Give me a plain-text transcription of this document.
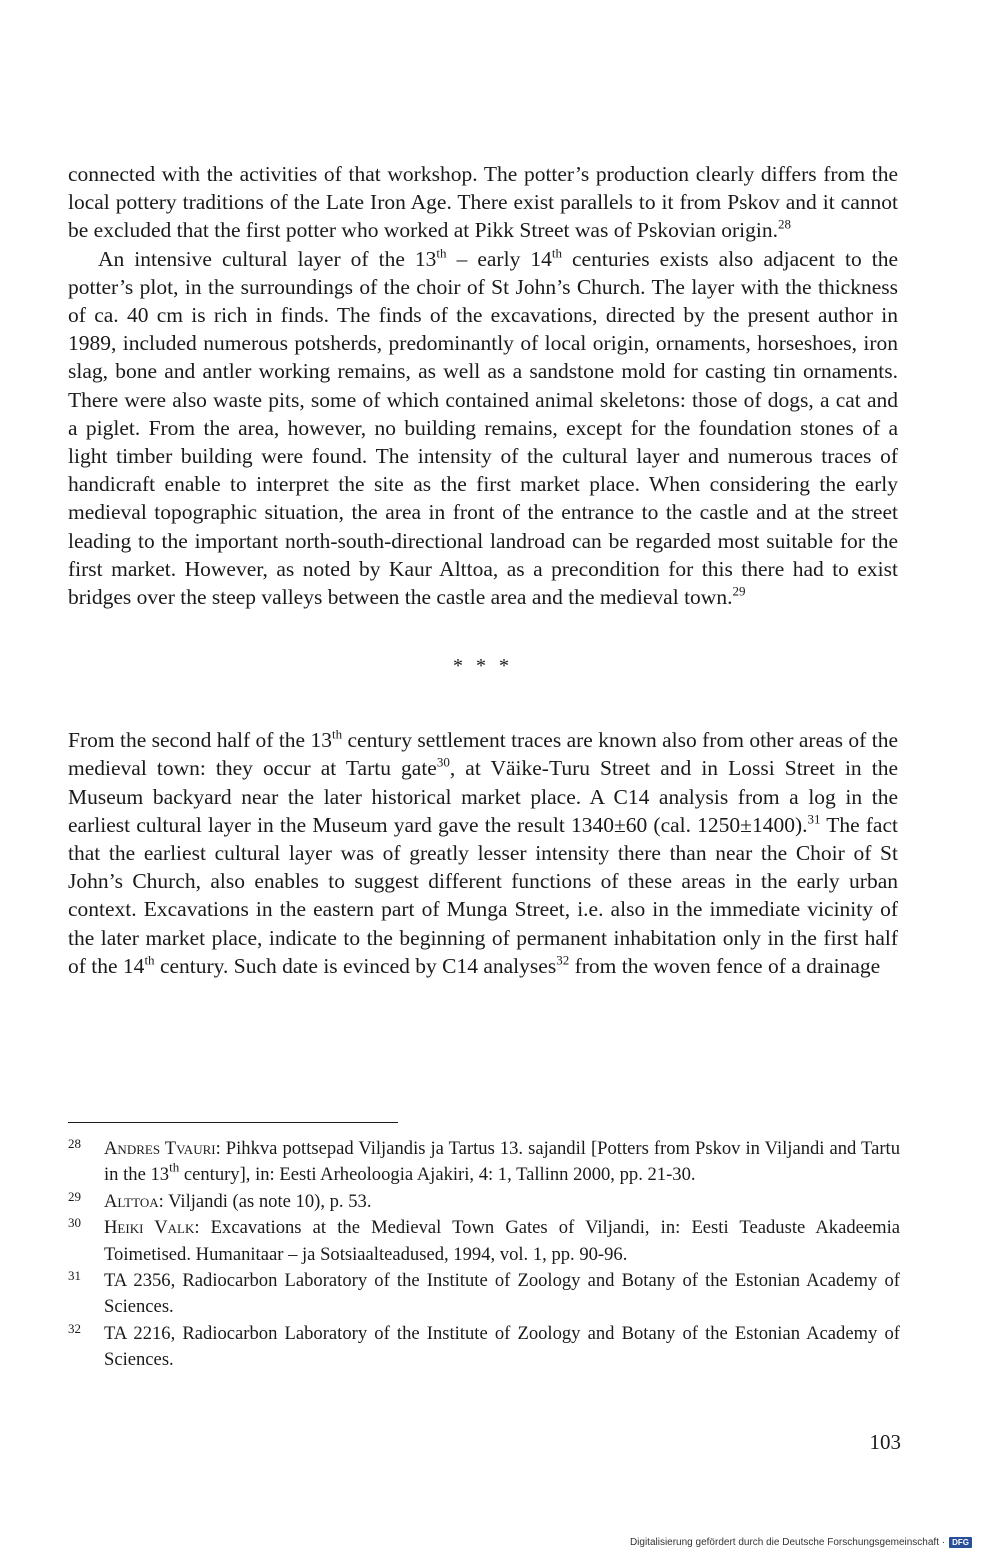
connected with the activities of that workshop. The potter’s production clearly differs from the local pottery traditions of the Late Iron Age. There exist parallels to it from Pskov and it cannot be excluded that the first potter who worked at Pikk Street was of Pskovian origin.$^{28}$

An intensive cultural layer of the 13th – early 14th centuries exists also adjacent to the potter’s plot, in the surroundings of the choir of St John’s Church. The layer with the thickness of ca. 40 cm is rich in finds. The finds of the excavations, directed by the present author in 1989, included numerous potsherds, predominantly of local origin, ornaments, horseshoes, iron slag, bone and antler working remains, as well as a sandstone mold for casting tin ornaments. There were also waste pits, some of which contained animal skeletons: those of dogs, a cat and a piglet. From the area, however, no building remains, except for the foundation stones of a light timber building were found. The intensity of the cultural layer and numerous traces of handicraft enable to interpret the site as the first market place. When considering the early medieval topographic situation, the area in front of the entrance to the castle and at the street leading to the important north-south-directional landroad can be regarded most suitable for the first market. However, as noted by Kaur Alttoa, as a precondition for this there had to exist bridges over the steep valleys between the castle area and the medieval town.$^{29}$

* * *

From the second half of the 13th century settlement traces are known also from other areas of the medieval town: they occur at Tartu gate$^{30}$, at Väike-Turu Street and in Lossi Street in the Museum backyard near the later historical market place. A C14 analysis from a log in the earliest cultural layer in the Museum yard gave the result 1340±60 (cal. 1250±1400).$^{31}$ The fact that the earliest cultural layer was of greatly lesser intensity there than near the Choir of St John’s Church, also enables to suggest different functions of these areas in the early urban context. Excavations in the eastern part of Munga Street, i.e. also in the immediate vicinity of the later market place, indicate to the beginning of permanent inhabitation only in the first half of the 14th century. Such date is evinced by C14 analyses$^{32}$ from the woven fence of a drainage

28 Andres Tvauri: Pihkva pottsepad Viljandis ja Tartus 13. sajandil [Potters from Pskov in Viljandi and Tartu in the 13th century], in: Eesti Arheoloogia Ajakiri, 4: 1, Tallinn 2000, pp. 21-30.

29 Alttoa: Viljandi (as note 10), p. 53.

30 Heiki Valk: Excavations at the Medieval Town Gates of Viljandi, in: Eesti Teaduste Akadeemia Toimetised. Humanitaar – ja Sotsiaalteadused, 1994, vol. 1, pp. 90-96.

31 TA 2356, Radiocarbon Laboratory of the Institute of Zoology and Botany of the Estonian Academy of Sciences.

32 TA 2216, Radiocarbon Laboratory of the Institute of Zoology and Botany of the Estonian Academy of Sciences.

103
Digitalisierung gefördert durch die Deutsche Forschungsgemeinschaft · DFG
